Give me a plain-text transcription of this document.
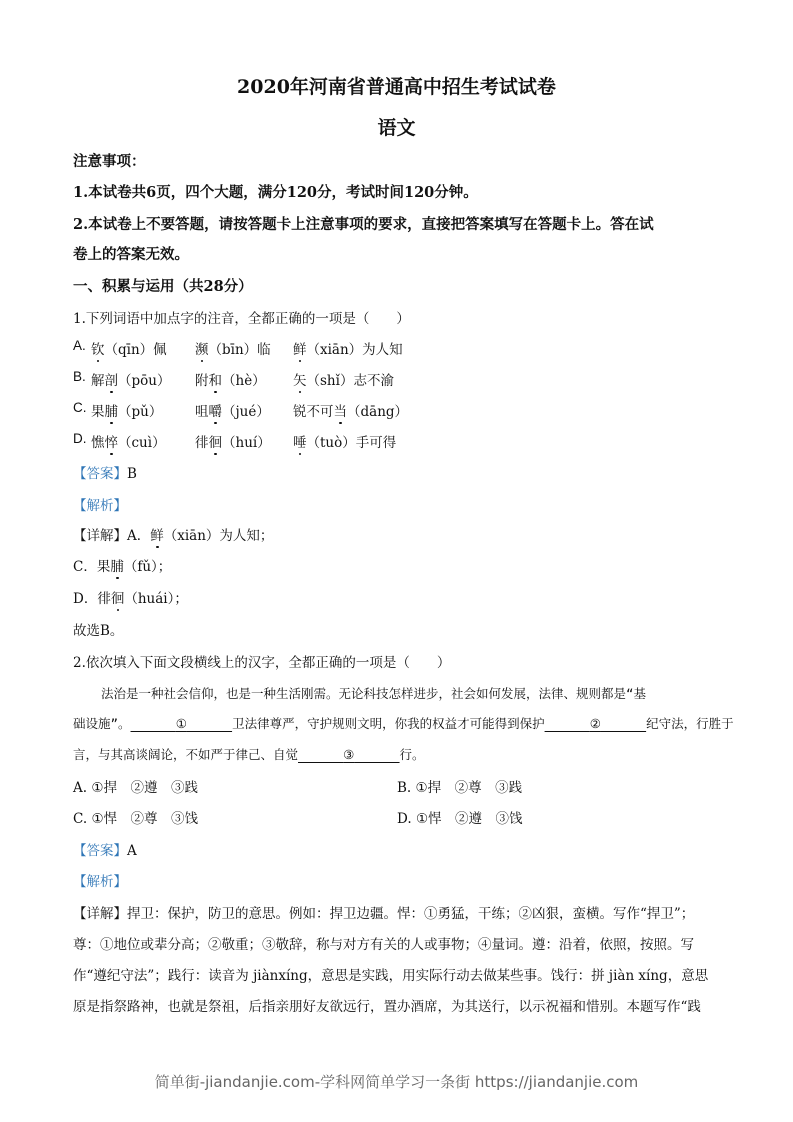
2020年河南省普通高中招生考试试卷
语文
注意事项：
1.本试卷共6页，四个大题，满分120分，考试时间120分钟。
2.本试卷上不要答题，请按答题卡上注意事项的要求，直接把答案填写在答题卡上。答在试
卷上的答案无效。
一、积累与运用（共28分）
1.下列词语中加点字的注音，全都正确的一项是（　　）
A. 钦（qīn）佩 濒（bīn）临 鲜（xiān）为人知
B. 解剖（pōu） 附和（hè） 矢（shǐ）志不渝
C. 果脯（pǔ） 咀嚼（jué） 锐不可当（dāng）
D. 憔悴（cuì） 徘徊（huí） 唾（tuò）手可得
【答案】B
【解析】
【详解】A．鲜（xiān）为人知；
C．果脯（fǔ）；
D．徘徊（huái）；
故选B。
2.依次填入下面文段横线上的汉字，全都正确的一项是（　　）
法治是一种社会信仰，也是一种生活刚需。无论科技怎样进步，社会如何发展，法律、规则都是“基
础设施”。	①	卫法律尊严，守护规则文明，你我的权益才可能得到保护	②	纪守法，行胜于
言，与其高谈阔论，不如严于律己、自觉	③	行。
A. ①捍　②遵　③践	B. ①捍　②尊　③践
C. ①悍　②尊　③饯	D. ①悍　②遵　③饯
【答案】A
【解析】
【详解】捍卫：保护，防卫的意思。例如：捍卫边疆。悍：①勇猛，干练；②凶狠，蛮横。写作“捍卫”；
尊：①地位或辈分高；②敬重；③敬辞，称与对方有关的人或事物；④量词。遵：沿着，依照，按照。写
作“遵纪守法”；践行：读音为 jiànxíng，意思是实践，用实际行动去做某些事。饯行：拼 jiàn xíng，意思
原是指祭路神，也就是祭祖，后指亲朋好友欲远行，置办酒席，为其送行，以示祝福和惜别。本题写作“践
简单街-jiandanjie.com-学科网简单学习一条街 https://jiandanjie.com
